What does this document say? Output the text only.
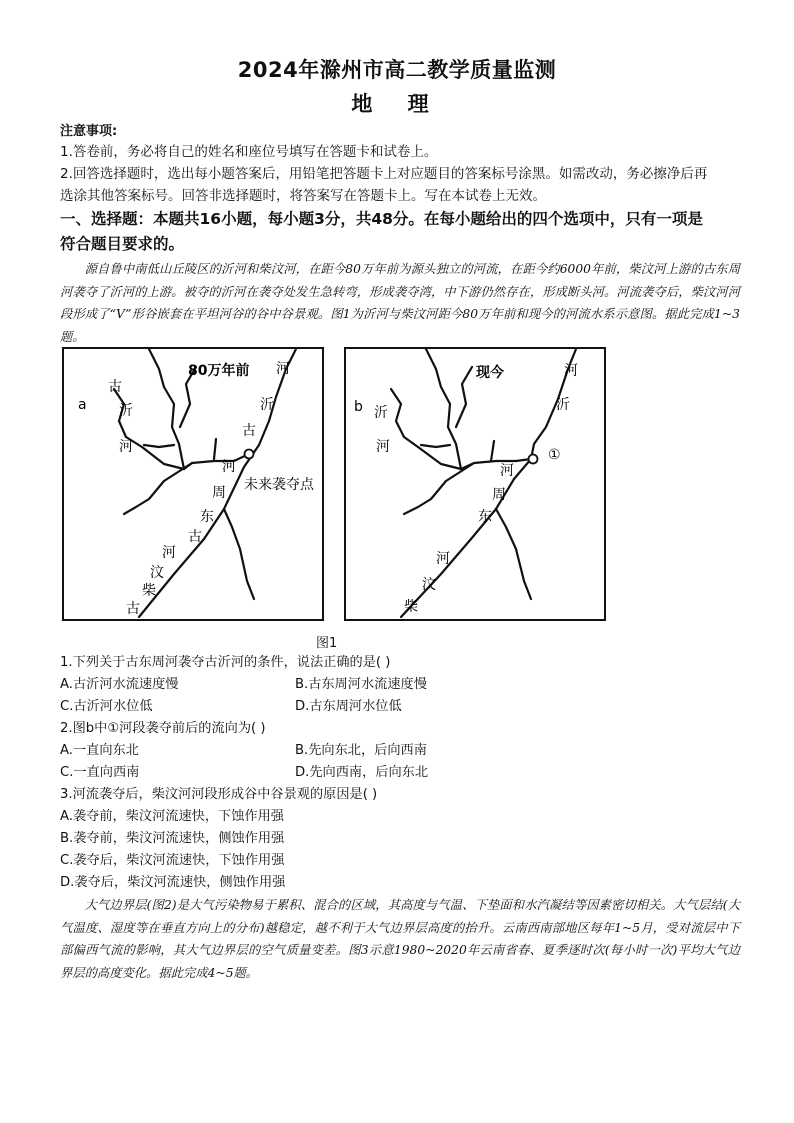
2024年滁州市高二教学质量监测
地 理
注意事项:
1.答卷前，务必将自己的姓名和座位号填写在答题卡和试卷上。
2.回答选择题时，选出每小题答案后，用铅笔把答题卡上对应题目的答案标号涂黑。如需改动，务必擦净后再
选涂其他答案标号。回答非选择题时，将答案写在答题卡上。写在本试卷上无效。
一、选择题：本题共16小题，每小题3分，共48分。在每小题给出的四个选项中，只有一项是
符合题目要求的。
源自鲁中南低山丘陵区的沂河和柴汶河，在距今80万年前为源头独立的河流，在距今约6000年前，柴汶河上游的古东周河袭夺了沂河的上游。被夺的沂河在袭夺处发生急转弯，形成袭夺湾，中下游仍然存在，形成断头河。河流袭夺后，柴汶河河段形成了“V”形谷嵌套在平坦河谷的谷中谷景观。图1为沂河与柴汶河距今80万年前和现今的河流水系示意图。据此完成1~3题。
a
80万年前
未来袭夺点
古
沂
河
河
沂
古
河
周
东
古
河
汶
柴
古
b
现今
①
沂
河
河
沂
河
周
东
河
汶
柴
图1
1.下列关于古东周河袭夺古沂河的条件，说法正确的是( )
A.古沂河水流速度慢	B.古东周河水流速度慢
C.古沂河水位低	D.古东周河水位低
2.图b中①河段袭夺前后的流向为( )
A.一直向东北	B.先向东北，后向西南
C.一直向西南	D.先向西南，后向东北
3.河流袭夺后，柴汶河河段形成谷中谷景观的原因是( )
A.袭夺前，柴汶河流速快，下蚀作用强
B.袭夺前，柴汶河流速快，侧蚀作用强
C.袭夺后，柴汶河流速快，下蚀作用强
D.袭夺后，柴汶河流速快，侧蚀作用强
大气边界层(图2)是大气污染物易于累积、混合的区域，其高度与气温、下垫面和水汽凝结等因素密切相关。大气层结(大气温度、湿度等在垂直方向上的分布)越稳定，越不利于大气边界层高度的抬升。云南西南部地区每年1~5月，受对流层中下部偏西气流的影响，其大气边界层的空气质量变差。图3示意1980~2020年云南省春、夏季逐时次(每小时一次)平均大气边界层的高度变化。据此完成4~5题。
